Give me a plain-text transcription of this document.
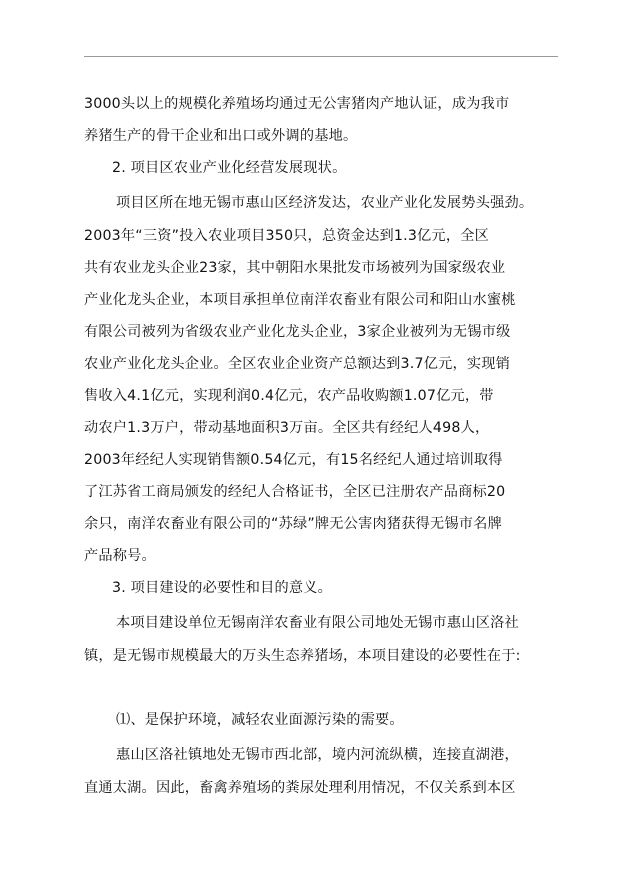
3000头以上的规模化养殖场均通过无公害猪肉产地认证，成为我市
养猪生产的骨干企业和出口或外调的基地。
2. 项目区农业产业化经营发展现状。
项目区所在地无锡市惠山区经济发达，农业产业化发展势头强劲。
2003年“三资”投入农业项目350只，总资金达到1.3亿元，全区
共有农业龙头企业23家，其中朝阳水果批发市场被列为国家级农业
产业化龙头企业，本项目承担单位南洋农畜业有限公司和阳山水蜜桃
有限公司被列为省级农业产业化龙头企业，3家企业被列为无锡市级
农业产业化龙头企业。全区农业企业资产总额达到3.7亿元，实现销
售收入4.1亿元，实现利润0.4亿元，农产品收购额1.07亿元，带
动农户1.3万户，带动基地面积3万亩。全区共有经纪人498人，
2003年经纪人实现销售额0.54亿元，有15名经纪人通过培训取得
了江苏省工商局颁发的经纪人合格证书，全区已注册农产品商标20
余只，南洋农畜业有限公司的“苏绿”牌无公害肉猪获得无锡市名牌
产品称号。
3. 项目建设的必要性和目的意义。
本项目建设单位无锡南洋农畜业有限公司地处无锡市惠山区洛社
镇，是无锡市规模最大的万头生态养猪场，本项目建设的必要性在于:
⑴、是保护环境，减轻农业面源污染的需要。
惠山区洛社镇地处无锡市西北部，境内河流纵横，连接直湖港，
直通太湖。因此，畜禽养殖场的粪尿处理利用情况，不仅关系到本区
